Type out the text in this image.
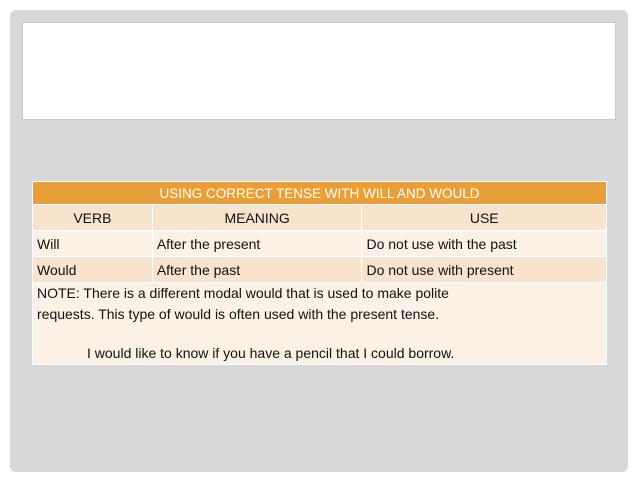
USING CORRECT TENSE WITH WILL AND WOULD		
VERB	MEANING	USE
Will	After the present	Do not use with the past
Would	After the past	Do not use with present

NOTE: There is a different modal would that is used to make polite
requests. This type of would is often used with the present tense.
I would like to know if you have a pencil that I could borrow.		
